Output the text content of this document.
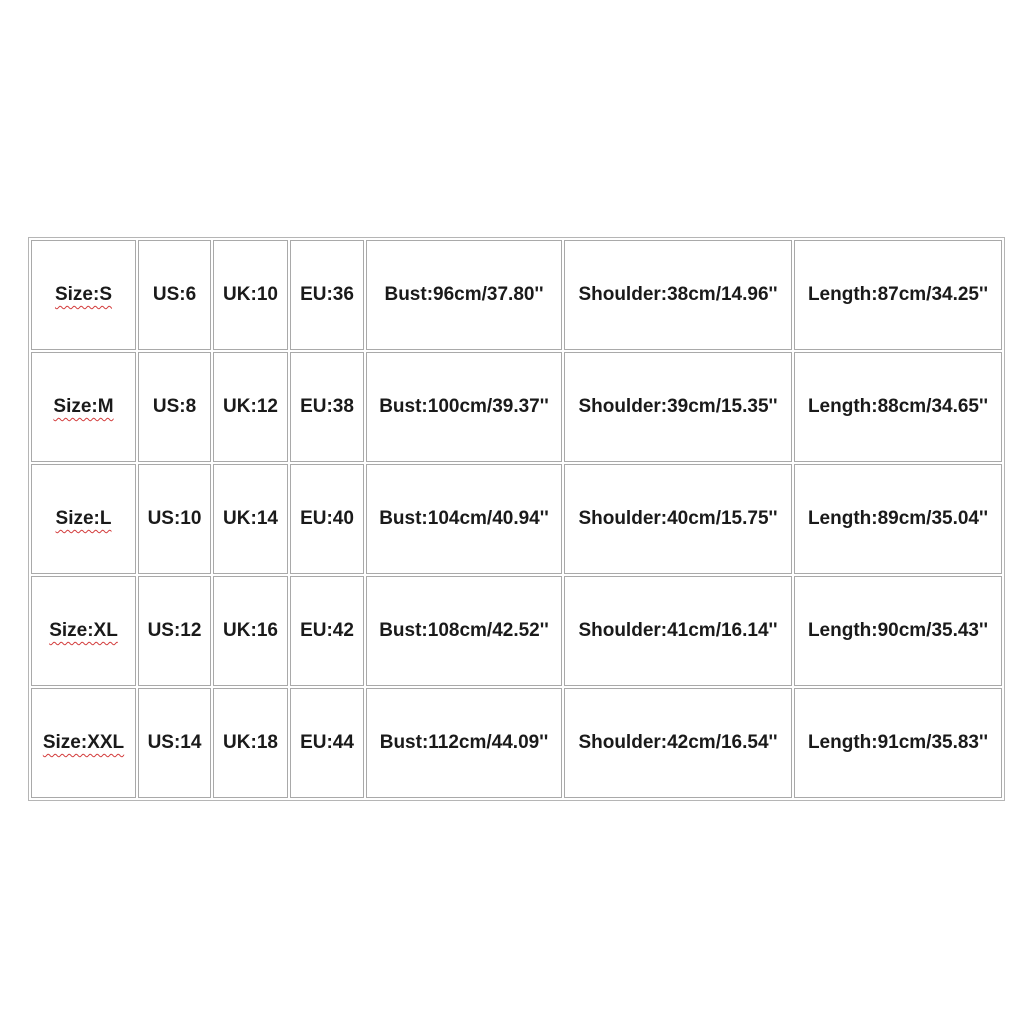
Size:S	US:6	UK:10	EU:36	Bust:96cm/37.80''	Shoulder:38cm/14.96''	Length:87cm/34.25''
Size:M	US:8	UK:12	EU:38	Bust:100cm/39.37''	Shoulder:39cm/15.35''	Length:88cm/34.65''
Size:L	US:10	UK:14	EU:40	Bust:104cm/40.94''	Shoulder:40cm/15.75''	Length:89cm/35.04''
Size:XL	US:12	UK:16	EU:42	Bust:108cm/42.52''	Shoulder:41cm/16.14''	Length:90cm/35.43''
Size:XXL	US:14	UK:18	EU:44	Bust:112cm/44.09''	Shoulder:42cm/16.54''	Length:91cm/35.83''
